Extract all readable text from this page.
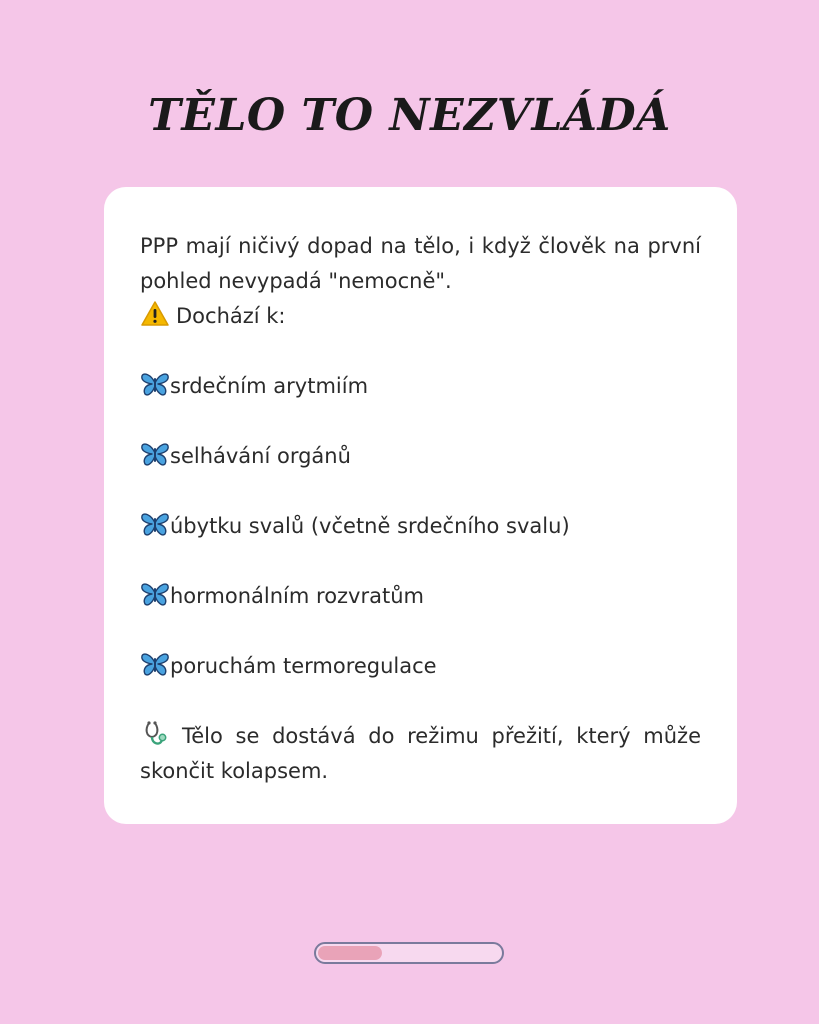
TĚLO TO NEZVLÁDÁ

PPP mají ničivý dopad na tělo, i když člověk na první pohled nevypadá "nemocně".

Dochází k:

srdečním arytmiím

selhávání orgánů

úbytku svalů (včetně srdečního svalu)

hormonálním rozvratům

poruchám termoregulace

Tělo se dostává do režimu přežití, který může skončit kolapsem.
